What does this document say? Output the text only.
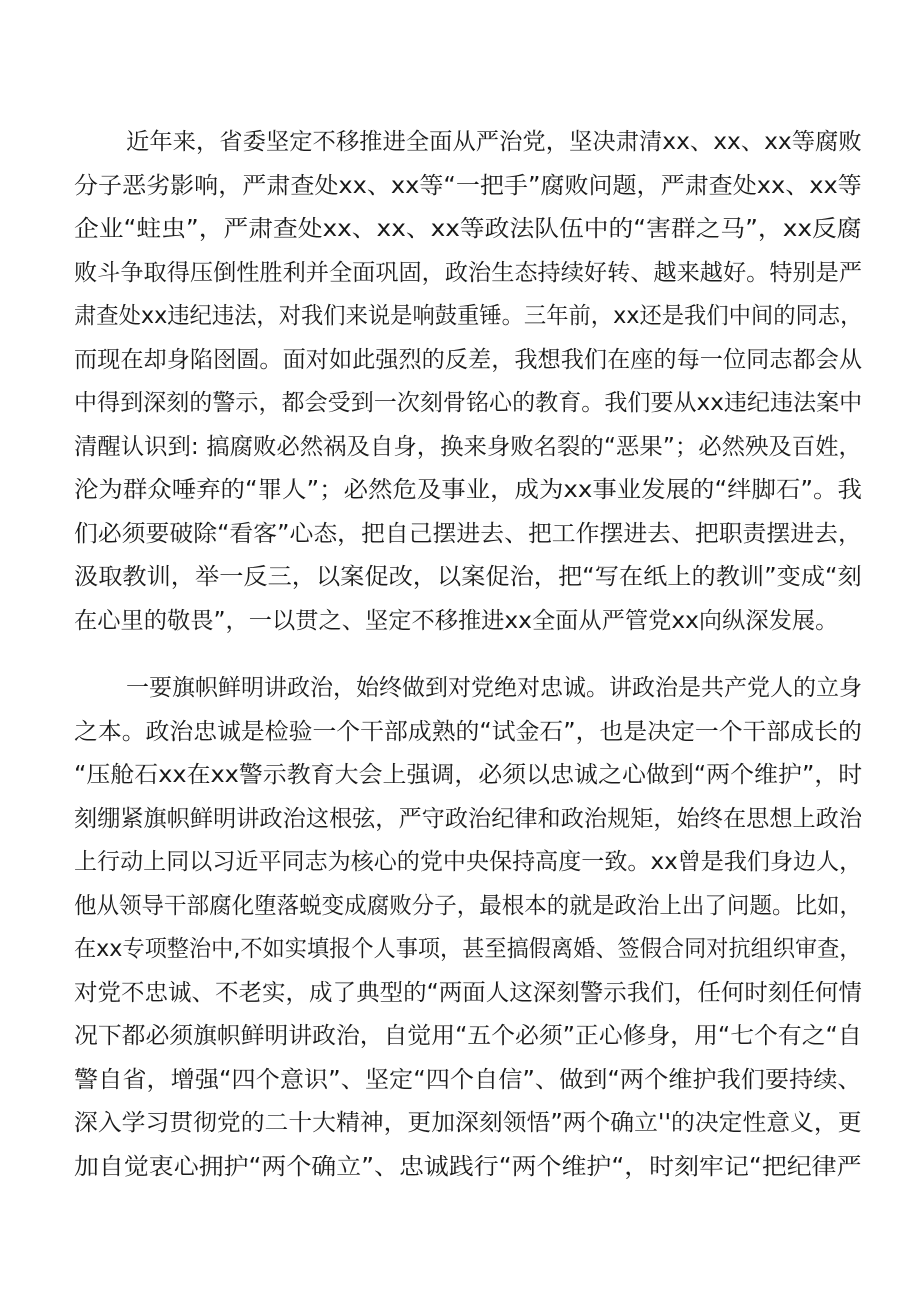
近年来，省委坚定不移推进全面从严治党，坚决肃清xx、xx、xx等腐败
分子恶劣影响，严肃查处xx、xx等“一把手”腐败问题，严肃查处xx、xx等
企业“蛀虫”，严肃查处xx、xx、xx等政法队伍中的“害群之马”，xx反腐
败斗争取得压倒性胜利并全面巩固，政治生态持续好转、越来越好。特别是严
肃查处xx违纪违法，对我们来说是响鼓重锤。三年前，xx还是我们中间的同志，
而现在却身陷囹圄。面对如此强烈的反差，我想我们在座的每一位同志都会从
中得到深刻的警示，都会受到一次刻骨铭心的教育。我们要从xx违纪违法案中
清醒认识到: 搞腐败必然祸及自身，换来身败名裂的“恶果”；必然殃及百姓，
沦为群众唾弃的“罪人”；必然危及事业，成为xx事业发展的“绊脚石”。我
们必须要破除“看客”心态，把自己摆进去、把工作摆进去、把职责摆进去，
汲取教训，举一反三，以案促改，以案促治，把“写在纸上的教训”变成“刻
在心里的敬畏”，一以贯之、坚定不移推进xx全面从严管党xx向纵深发展。
一要旗帜鲜明讲政治，始终做到对党绝对忠诚。讲政治是共产党人的立身
之本。政治忠诚是检验一个干部成熟的“试金石”，也是决定一个干部成长的
“压舱石xx在xx警示教育大会上强调，必须以忠诚之心做到“两个维护”，时
刻绷紧旗帜鲜明讲政治这根弦，严守政治纪律和政治规矩，始终在思想上政治
上行动上同以习近平同志为核心的党中央保持高度一致。xx曾是我们身边人，
他从领导干部腐化堕落蜕变成腐败分子，最根本的就是政治上出了问题。比如，
在xx专项整治中,不如实填报个人事项，甚至搞假离婚、签假合同对抗组织审查，
对党不忠诚、不老实，成了典型的“两面人这深刻警示我们，任何时刻任何情
况下都必须旗帜鲜明讲政治，自觉用“五个必须”正心修身，用“七个有之“自
警自省，增强“四个意识”、坚定“四个自信”、做到“两个维护我们要持续、
深入学习贯彻党的二十大精神，更加深刻领悟”两个确立''的决定性意义，更
加自觉衷心拥护“两个确立”、忠诚践行“两个维护“，时刻牢记“把纪律严
